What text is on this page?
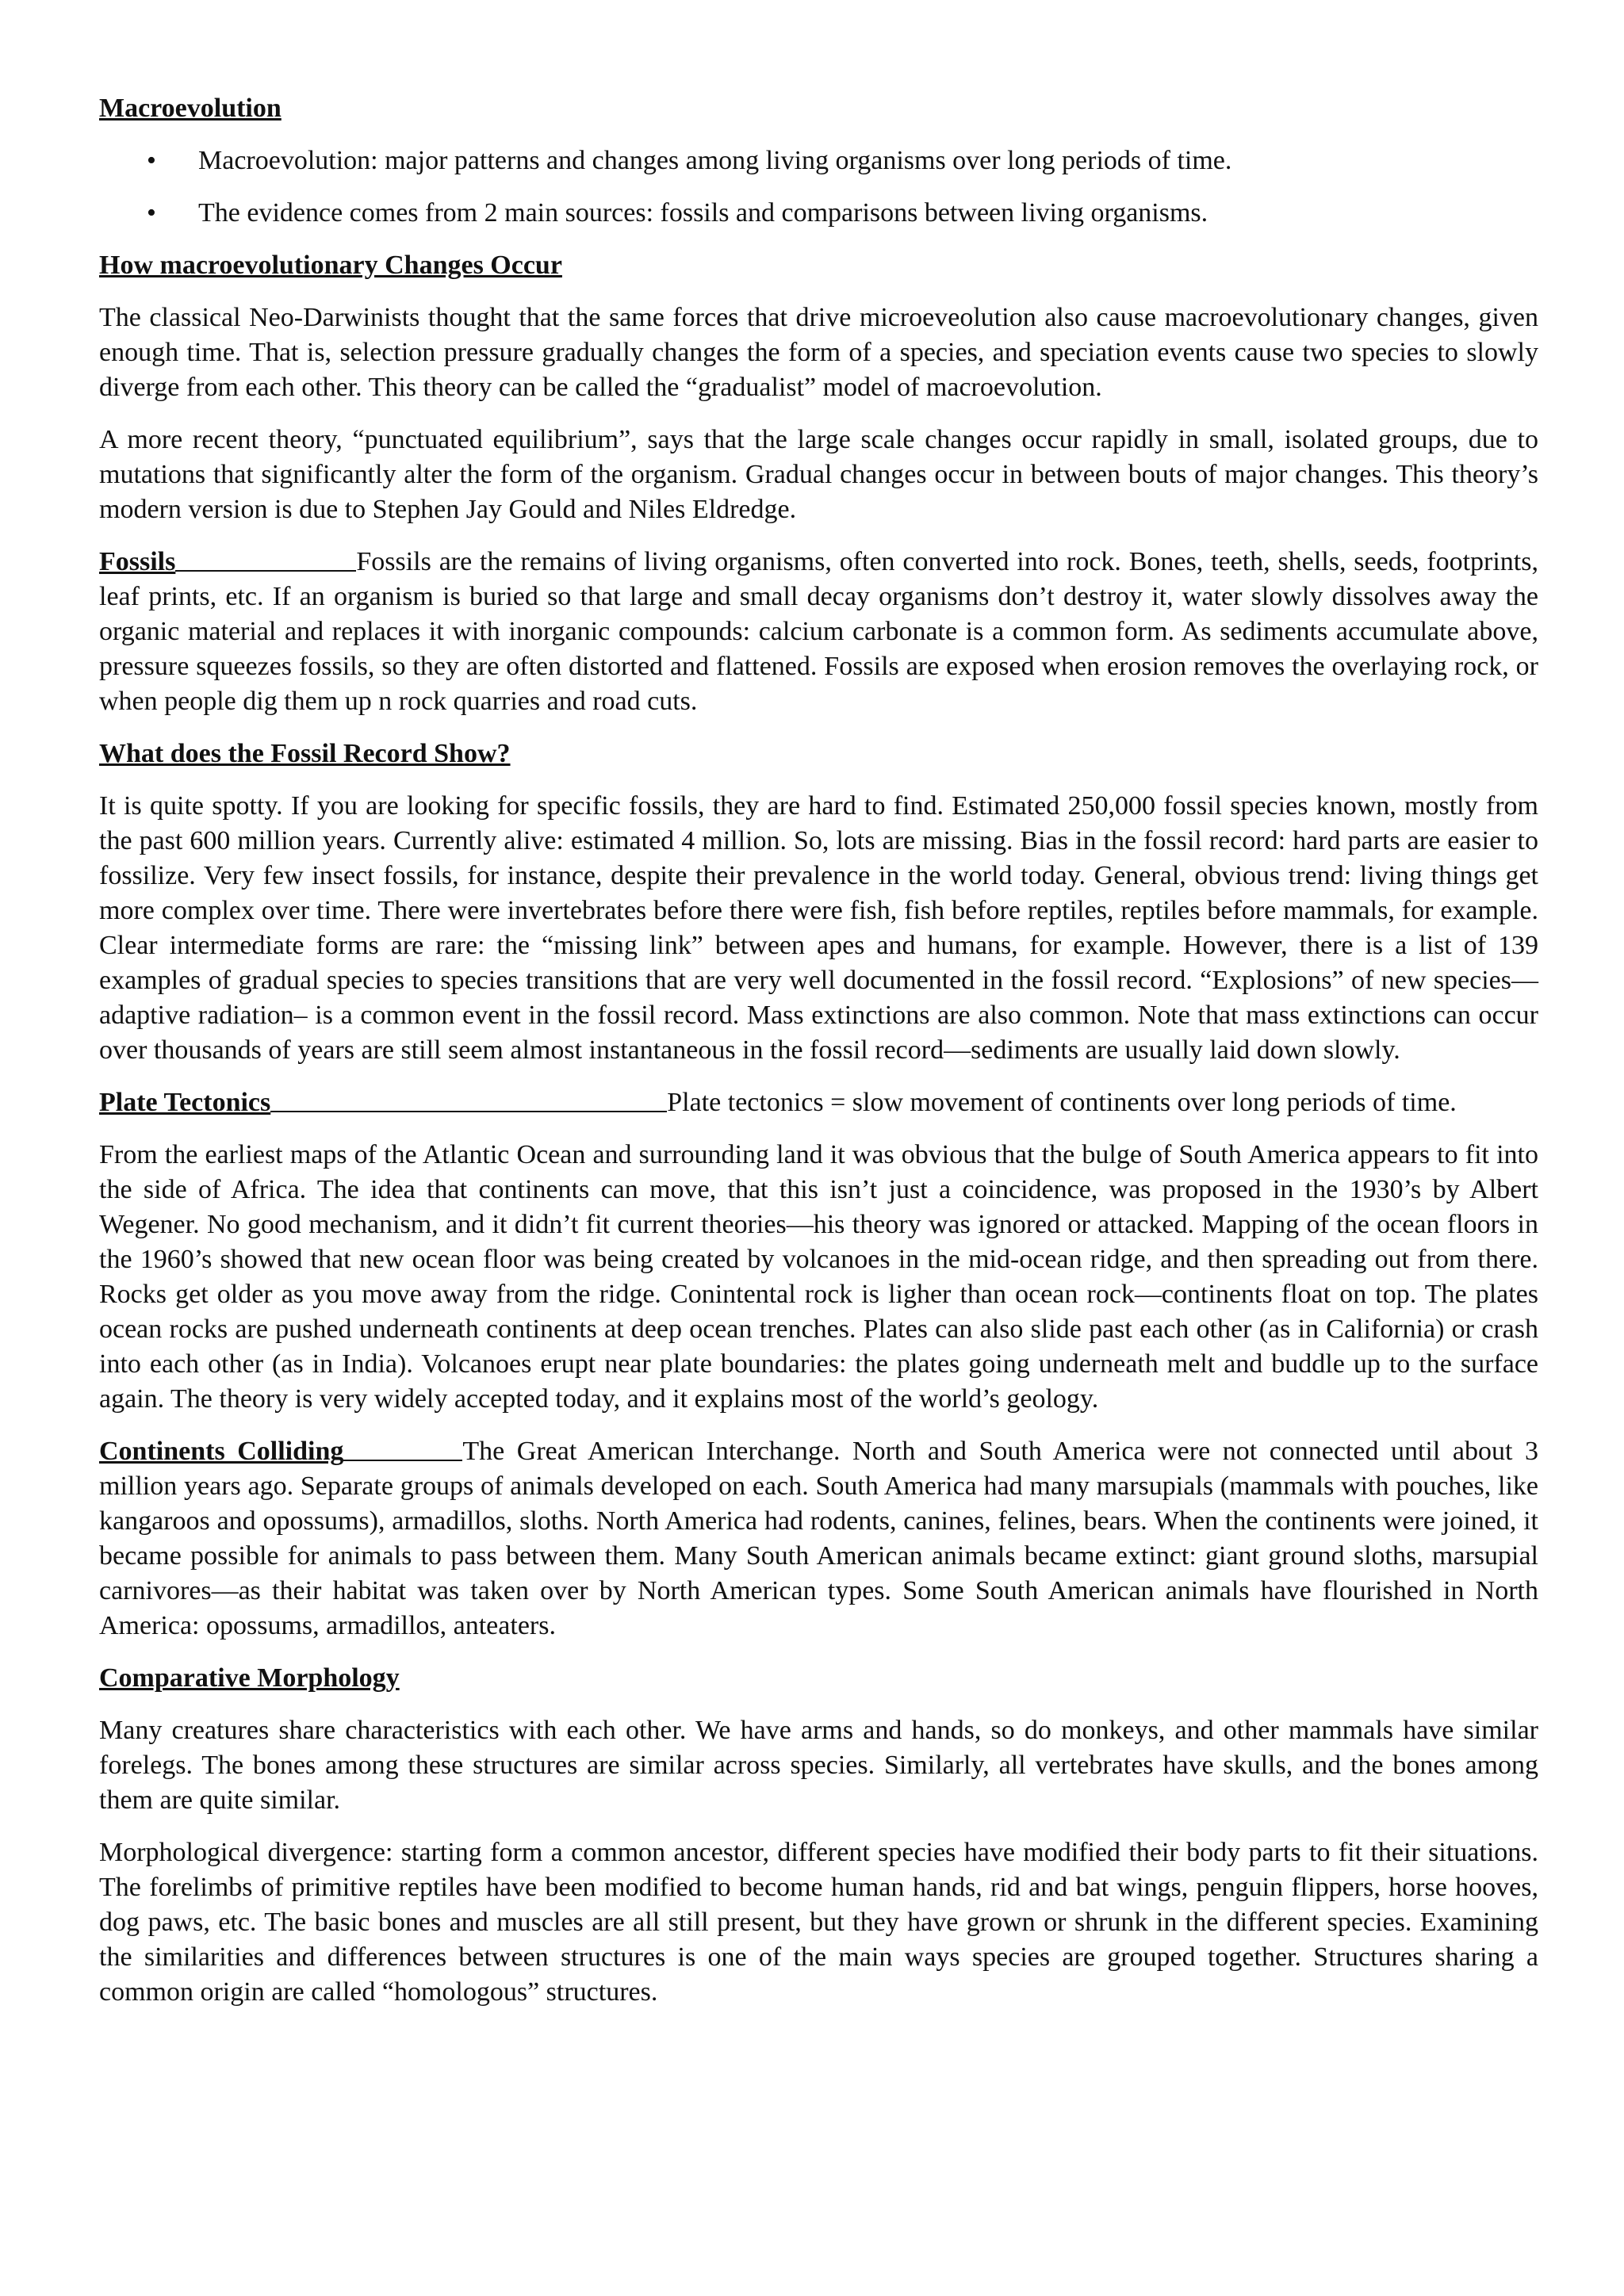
Macroevolution
• Macroevolution: major patterns and changes among living organisms over long periods of time.
• The evidence comes from 2 main sources: fossils and comparisons between living organisms.
How macroevolutionary Changes Occur

The classical Neo-Darwinists thought that the same forces that drive microeveolution also cause macroevolutionary changes, given enough time. That is, selection pressure gradually changes the form of a species, and speciation events cause two species to slowly diverge from each other. This theory can be called the “gradualist” model of macroevolution.

A more recent theory, “punctuated equilibrium”, says that the large scale changes occur rapidly in small, isolated groups, due to mutations that significantly alter the form of the organism. Gradual changes occur in between bouts of major changes. This theory’s modern version is due to Stephen Jay Gould and Niles Eldredge.

Fossils	Fossils are the remains of living organisms, often converted into rock. Bones, teeth, shells, seeds, footprints, leaf prints, etc. If an organism is buried so that large and small decay organisms don’t destroy it, water slowly dissolves away the organic material and replaces it with inorganic compounds: calcium carbonate is a common form. As sediments accumulate above, pressure squeezes fossils, so they are often distorted and flattened. Fossils are exposed when erosion removes the overlaying rock, or when people dig them up n rock quarries and road cuts.

What does the Fossil Record Show?

It is quite spotty. If you are looking for specific fossils, they are hard to find. Estimated 250,000 fossil species known, mostly from the past 600 million years. Currently alive: estimated 4 million. So, lots are missing. Bias in the fossil record: hard parts are easier to fossilize. Very few insect fossils, for instance, despite their prevalence in the world today. General, obvious trend: living things get more complex over time. There were invertebrates before there were fish, fish before reptiles, reptiles before mammals, for example. Clear intermediate forms are rare: the “missing link” between apes and humans, for example. However, there is a list of 139 examples of gradual species to species transitions that are very well documented in the fossil record. “Explosions” of new species—adaptive radiation– is a common event in the fossil record. Mass extinctions are also common. Note that mass extinctions can occur over thousands of years are still seem almost instantaneous in the fossil record—sediments are usually laid down slowly.

Plate Tectonics	Plate tectonics = slow movement of continents over long periods of time.

From the earliest maps of the Atlantic Ocean and surrounding land it was obvious that the bulge of South America appears to fit into the side of Africa. The idea that continents can move, that this isn’t just a coincidence, was proposed in the 1930’s by Albert Wegener. No good mechanism, and it didn’t fit current theories—his theory was ignored or attacked. Mapping of the ocean floors in the 1960’s showed that new ocean floor was being created by volcanoes in the mid-ocean ridge, and then spreading out from there. Rocks get older as you move away from the ridge. Conintental rock is ligher than ocean rock—continents float on top. The plates ocean rocks are pushed underneath continents at deep ocean trenches. Plates can also slide past each other (as in California) or crash into each other (as in India). Volcanoes erupt near plate boundaries: the plates going underneath melt and buddle up to the surface again. The theory is very widely accepted today, and it explains most of the world’s geology.

Continents Colliding	The Great American Interchange. North and South America were not connected until about 3 million years ago. Separate groups of animals developed on each. South America had many marsupials (mammals with pouches, like kangaroos and opossums), armadillos, sloths. North America had rodents, canines, felines, bears. When the continents were joined, it became possible for animals to pass between them. Many South American animals became extinct: giant ground sloths, marsupial carnivores—as their habitat was taken over by North American types. Some South American animals have flourished in North America: opossums, armadillos, anteaters.

Comparative Morphology

Many creatures share characteristics with each other. We have arms and hands, so do monkeys, and other mammals have similar forelegs. The bones among these structures are similar across species. Similarly, all vertebrates have skulls, and the bones among them are quite similar.

Morphological divergence: starting form a common ancestor, different species have modified their body parts to fit their situations. The forelimbs of primitive reptiles have been modified to become human hands, rid and bat wings, penguin flippers, horse hooves, dog paws, etc. The basic bones and muscles are all still present, but they have grown or shrunk in the different species. Examining the similarities and differences between structures is one of the main ways species are grouped together. Structures sharing a common origin are called “homologous” structures.
